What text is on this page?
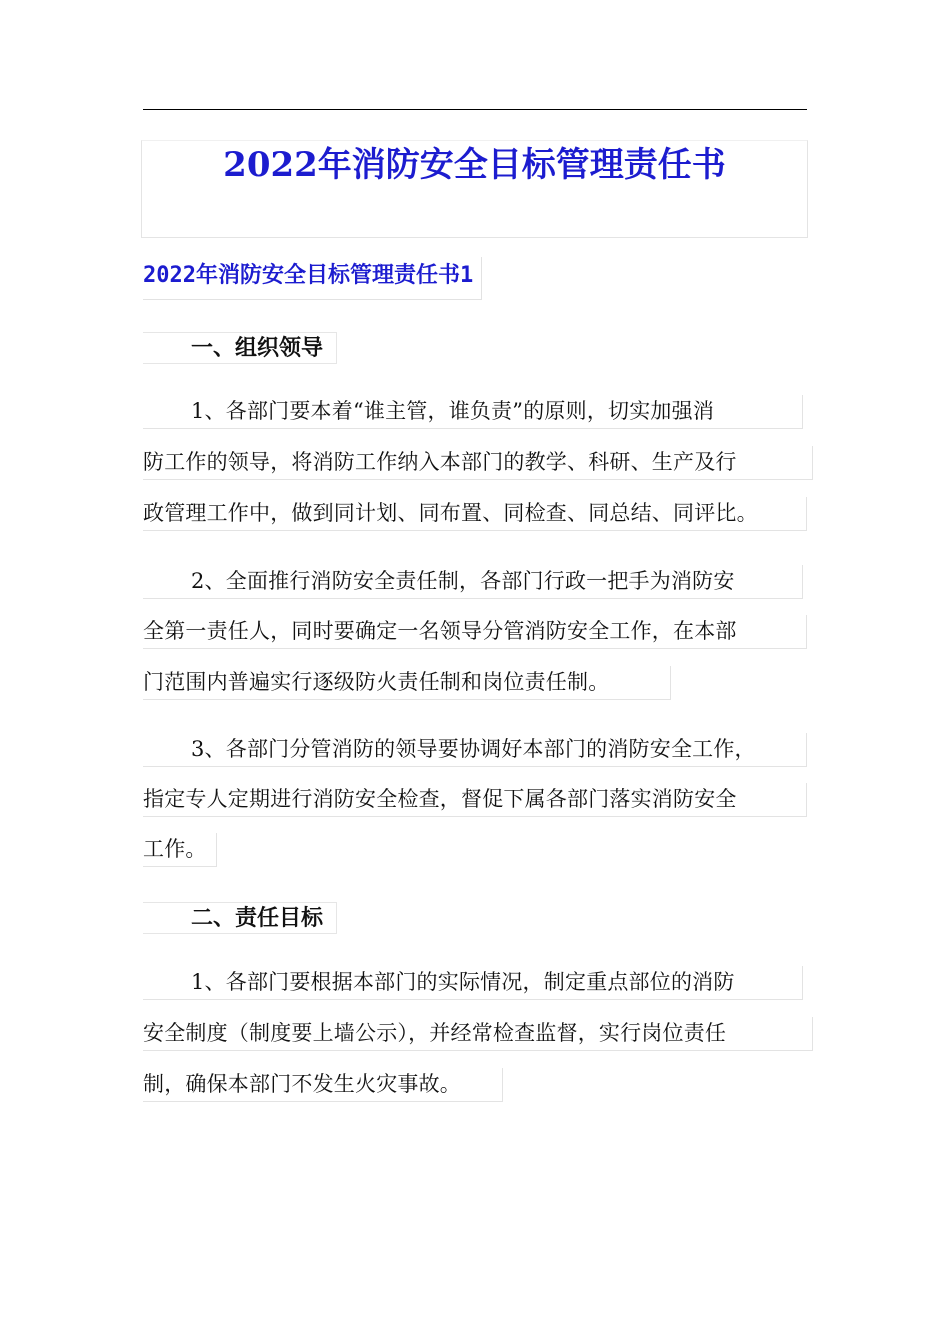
2022年消防安全目标管理责任书
2022年消防安全目标管理责任书1
一、组织领导
1、各部门要本着“谁主管，谁负责”的原则，切实加强消
防工作的领导，将消防工作纳入本部门的教学、科研、生产及行
政管理工作中，做到同计划、同布置、同检查、同总结、同评比。
2、全面推行消防安全责任制，各部门行政一把手为消防安
全第一责任人，同时要确定一名领导分管消防安全工作，在本部
门范围内普遍实行逐级防火责任制和岗位责任制。
3、各部门分管消防的领导要协调好本部门的消防安全工作，
指定专人定期进行消防安全检查，督促下属各部门落实消防安全
工作。
二、责任目标
1、各部门要根据本部门的实际情况，制定重点部位的消防
安全制度（制度要上墙公示），并经常检查监督，实行岗位责任
制，确保本部门不发生火灾事故。
